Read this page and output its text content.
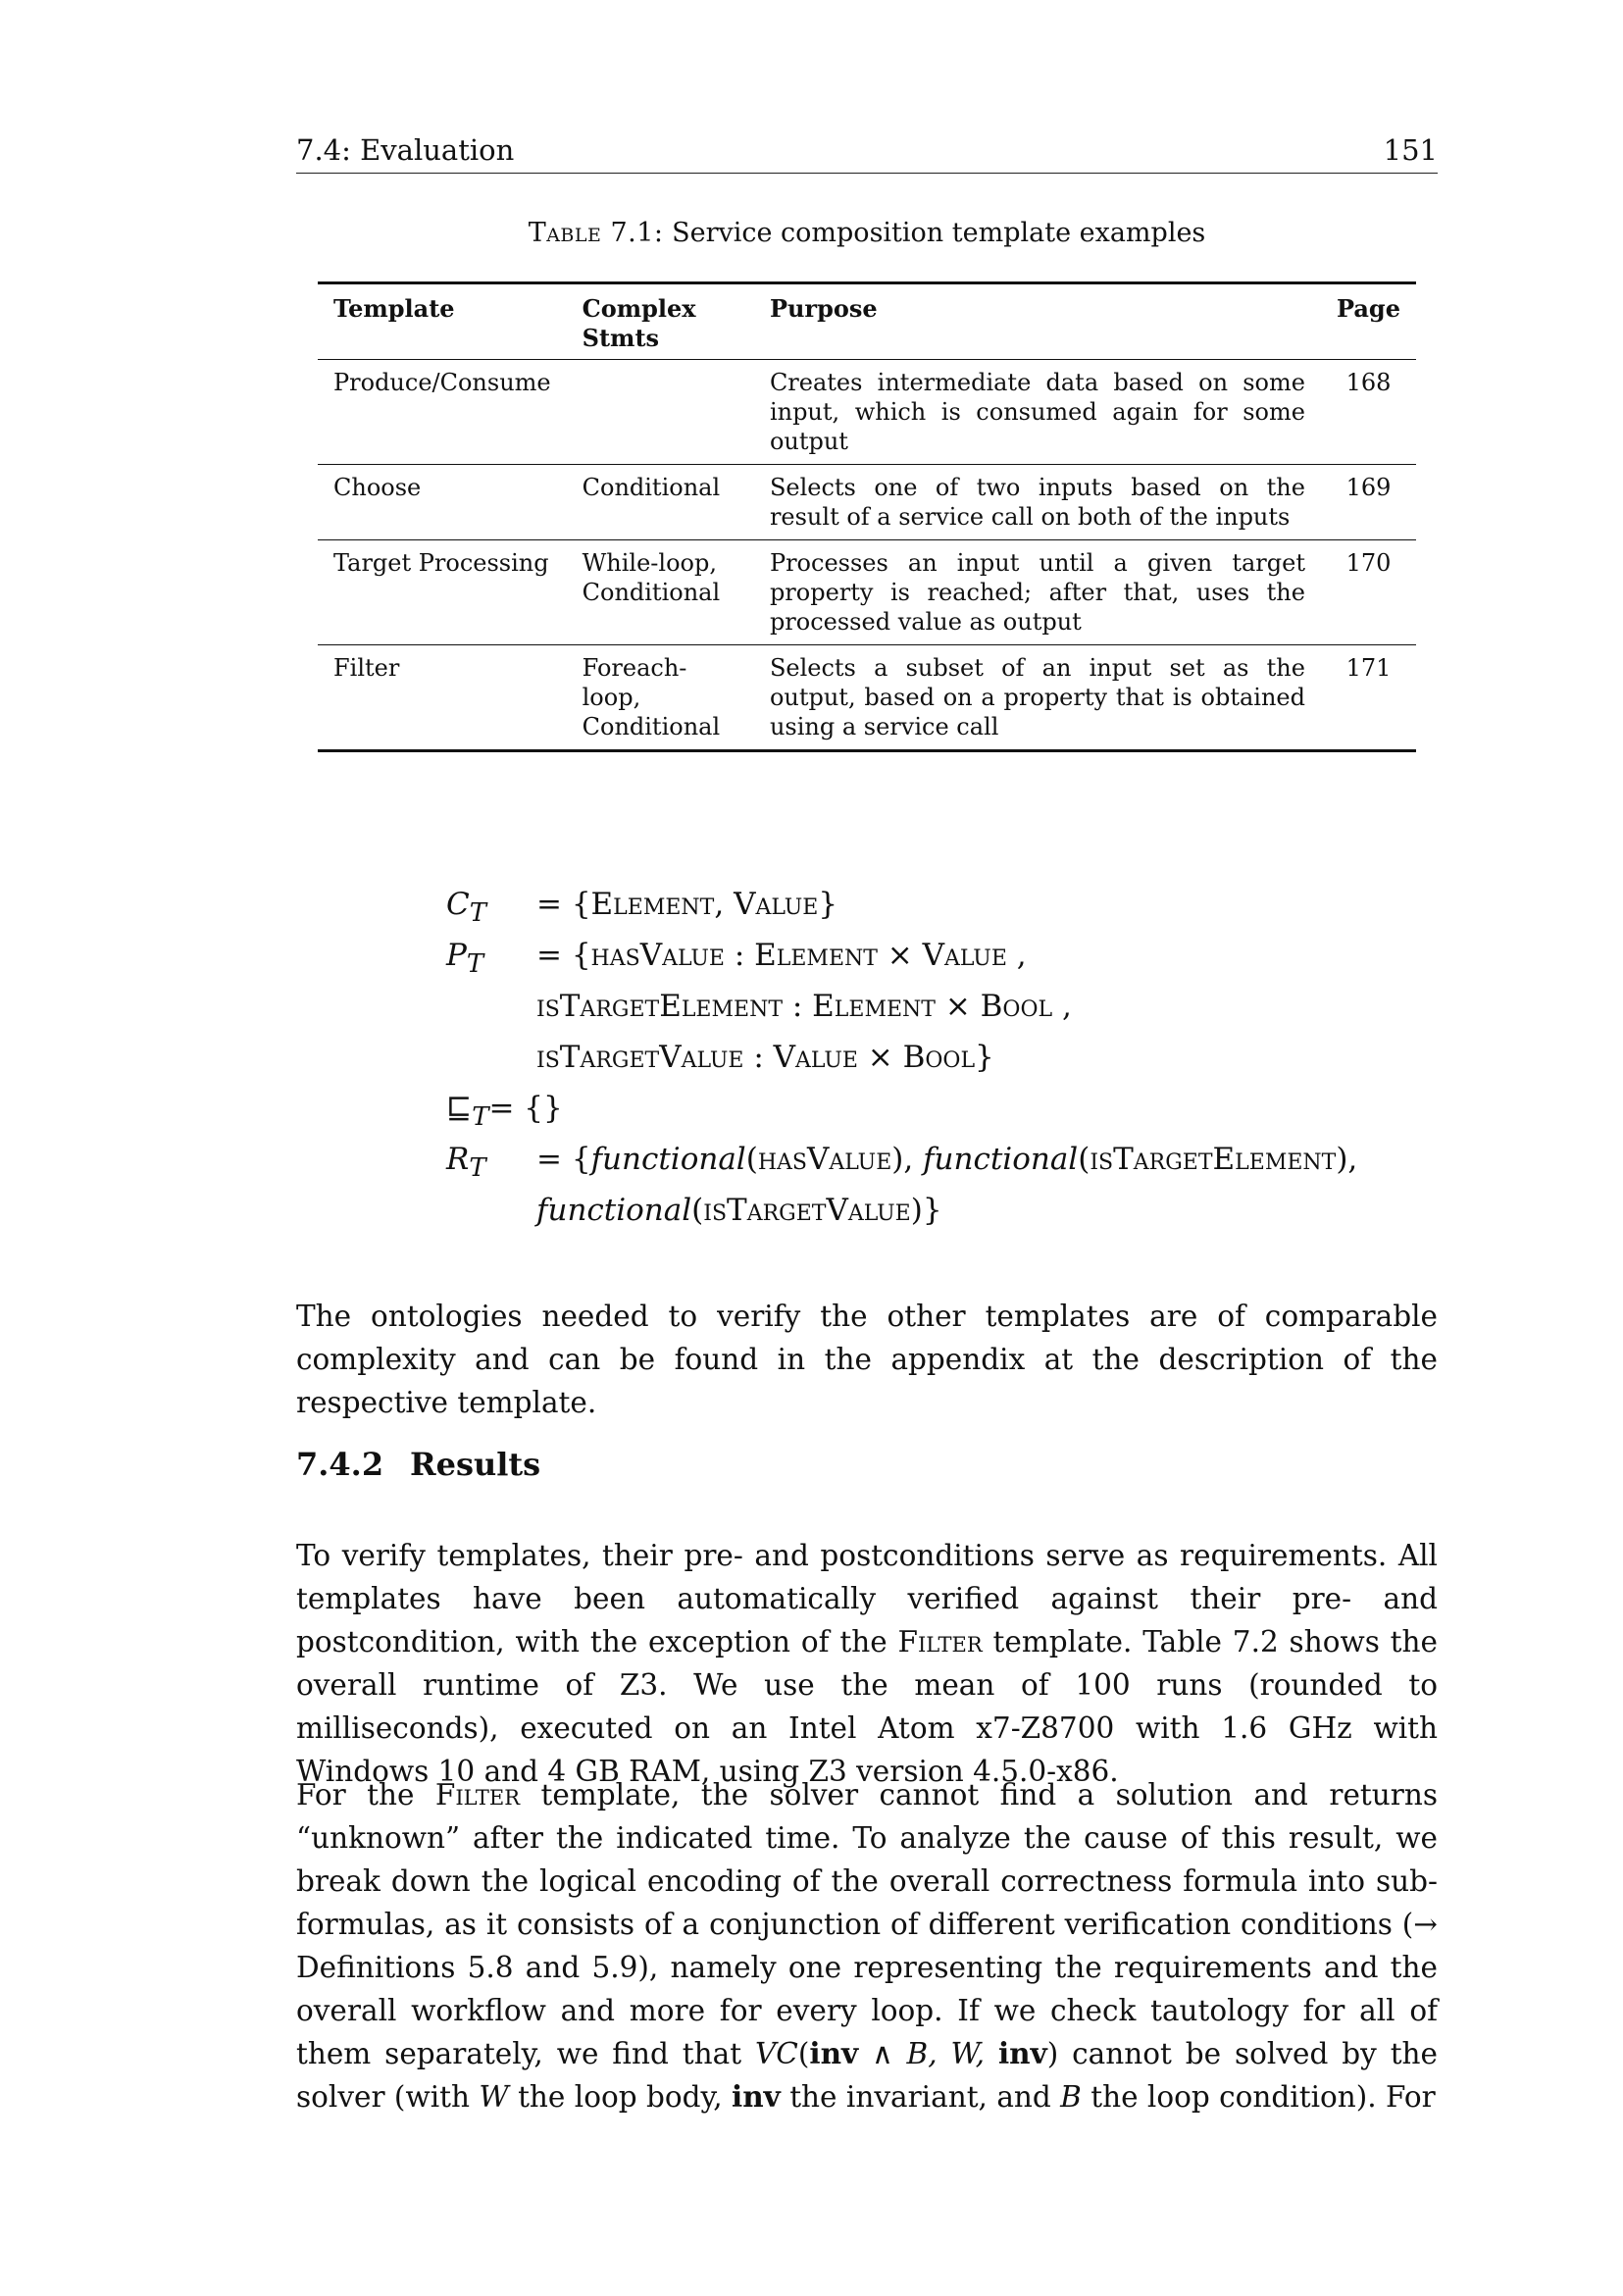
7.4: Evaluation	151
Table 7.1: Service composition template examples
Template	Complex Stmts	Purpose	Page
Produce/Consume		Creates intermediate data based on some input, which is consumed again for some output	168
Choose	Conditional	Selects one of two inputs based on the result of a service call on both of the inputs	169
Target Processing	While-loop, Conditional	Processes an input until a given target property is reached; after that, uses the processed value as output	170
Filter	Foreach-loop, Conditional	Selects a subset of an input set as the output, based on a property that is obtained using a service call	171
$C_T$ = {Element, Value}
$P_T$ = {hasValue : Element × Value ,
isTargetElement : Element × Bool ,
isTargetValue : Value × Bool}
$⊑_T=$ {}
$R_T$ = {functional(hasValue), functional(isTargetElement),
functional(isTargetValue)}

The ontologies needed to verify the other templates are of comparable complexity and can be found in the appendix at the description of the respective template.

7.4.2 Results

To verify templates, their pre- and postconditions serve as requirements. All templates have been automatically verified against their pre- and postcondition, with the exception of the Filter template. Table 7.2 shows the overall runtime of Z3. We use the mean of 100 runs (rounded to milliseconds), executed on an Intel Atom x7-Z8700 with 1.6 GHz with Windows 10 and 4 GB RAM, using Z3 version 4.5.0-x86.

For the Filter template, the solver cannot find a solution and returns “unknown” after the indicated time. To analyze the cause of this result, we break down the logical encoding of the overall correctness formula into sub-formulas, as it consists of a conjunction of different verification conditions (→ Definitions 5.8 and 5.9), namely one representing the requirements and the overall workflow and more for every loop. If we check tautology for all of them separately, we find that VC(inv ∧ B, W, inv) cannot be solved by the solver (with W the loop body, inv the invariant, and B the loop condition). For
